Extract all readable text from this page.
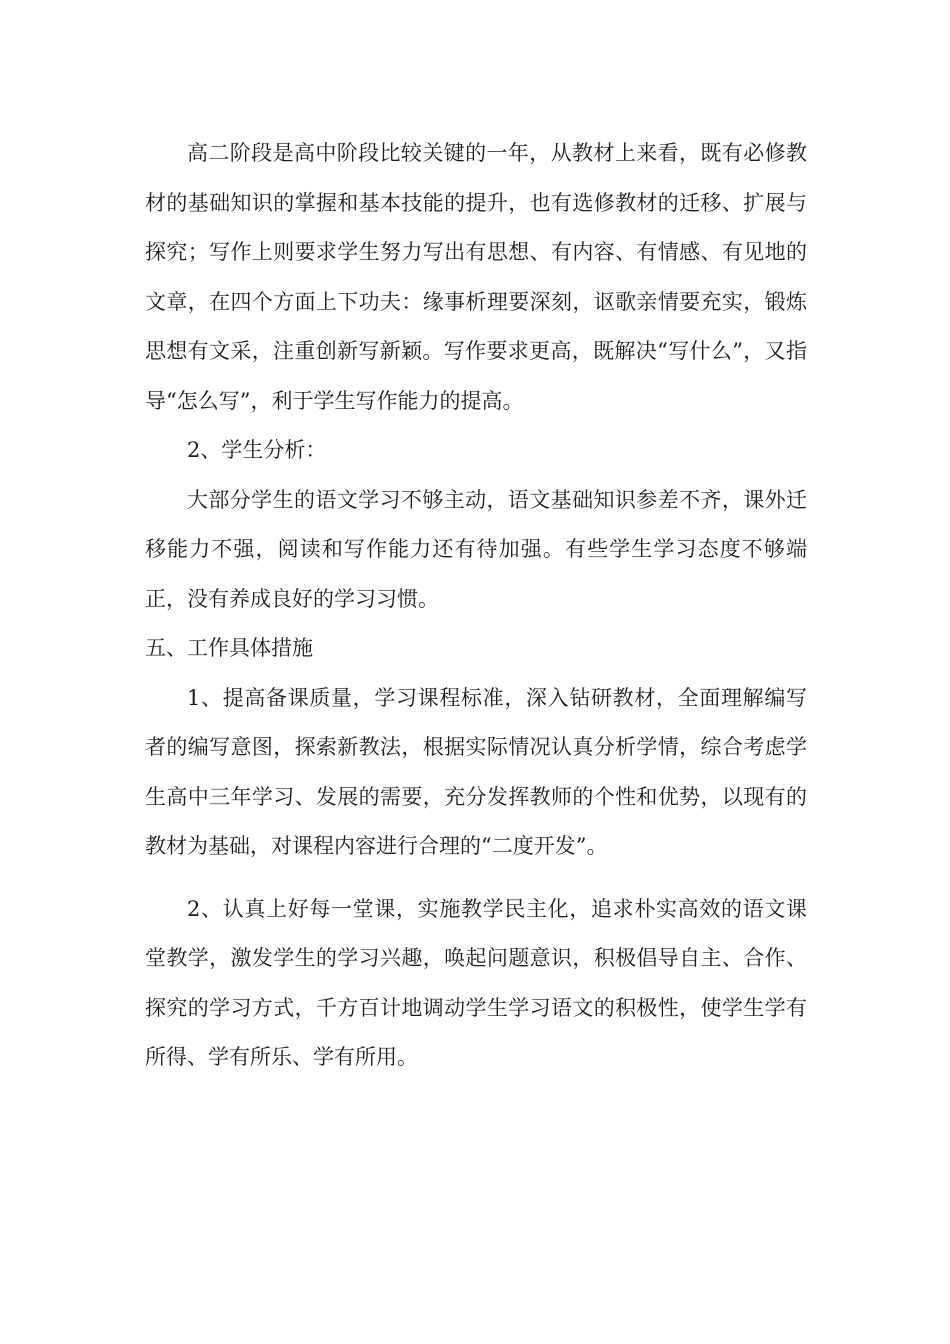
高二阶段是高中阶段比较关键的一年，从教材上来看，既有必修教材的基础知识的掌握和基本技能的提升，也有选修教材的迁移、扩展与探究；写作上则要求学生努力写出有思想、有内容、有情感、有见地的文章，在四个方面上下功夫：缘事析理要深刻，讴歌亲情要充实，锻炼思想有文采，注重创新写新颖。写作要求更高，既解决“写什么”，又指导“怎么写”，利于学生写作能力的提高。

2、学生分析：

大部分学生的语文学习不够主动，语文基础知识参差不齐，课外迁移能力不强，阅读和写作能力还有待加强。有些学生学习态度不够端正，没有养成良好的学习习惯。

五、工作具体措施

1、提高备课质量，学习课程标准，深入钻研教材，全面理解编写者的编写意图，探索新教法，根据实际情况认真分析学情，综合考虑学生高中三年学习、发展的需要，充分发挥教师的个性和优势，以现有的教材为基础，对课程内容进行合理的“二度开发”。

2、认真上好每一堂课，实施教学民主化，追求朴实高效的语文课堂教学，激发学生的学习兴趣，唤起问题意识，积极倡导自主、合作、探究的学习方式，千方百计地调动学生学习语文的积极性，使学生学有所得、学有所乐、学有所用。
